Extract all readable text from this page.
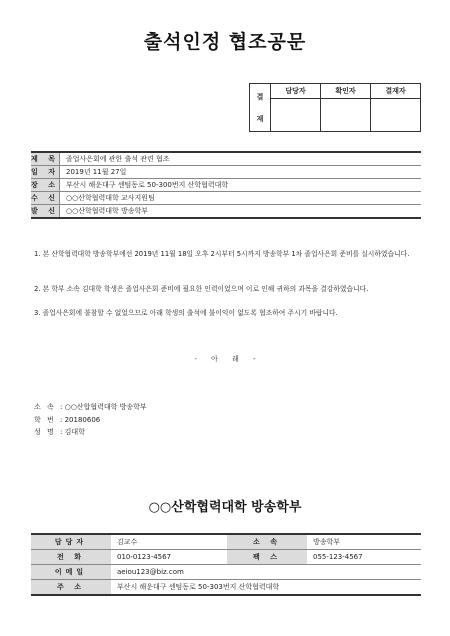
출석인정 협조공문
결
재	담당자	확인자	결재자

제 목	졸업사은회에 관한 출석 관련 협조
일 자	2019년 11월 27일
장 소	부산시 해운대구 센텀동로 50-300번지 산학협력대학
수 신	○○산학협력대학 교사지원팀
발 신	○○산학협력대학 방송학부
1. 본 산학협력대학 방송학부에선 2019년 11월 18일 오후 2시부터 5시까지 방송학부 1차 졸업사은회 준비를 실시하였습니다.
2. 본 학부 소속 김대학 학생은 졸업사은회 준비에 필요한 인력이었으며 이로 인해 귀하의 과목을 결강하였습니다.
3. 졸업사은회에 불참할 수 없었으므로 아래 학생의 출석에 불이익이 없도록 협조하여 주시기 바랍니다.
- 아 래 -
소 속 : ○○산합협력대학 방송학부
학 번 : 20180606
성 명 : 김대학
○○산학협력대학 방송학부
담당자	김교수	소 속	방송학부
전 화	010-0123-4567	팩 스	055-123-4567
이메일	aeiou123@biz.com		
주 소	부산시 해운대구 센텀동로 50-303번지 산학협력대학		
